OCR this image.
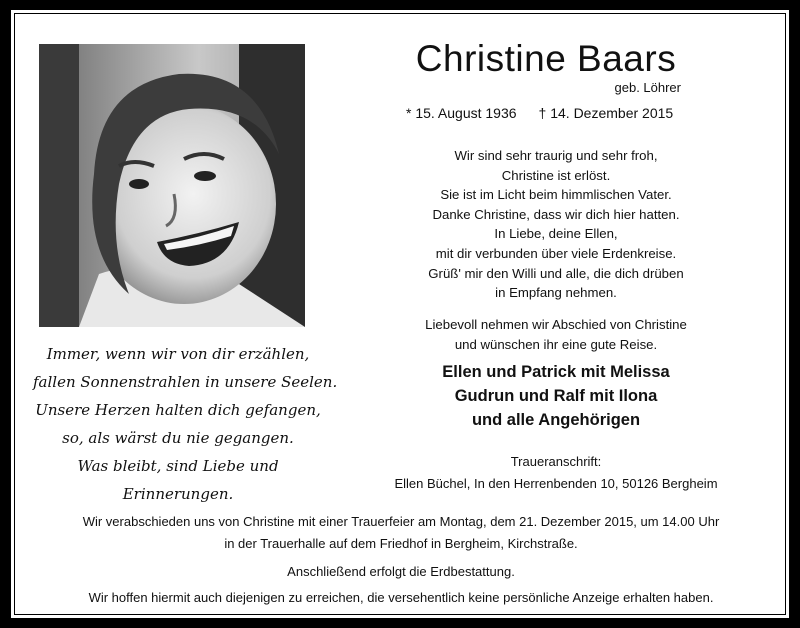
Immer, wenn wir von dir erzählen,
fallen Sonnenstrahlen in unsere Seelen.
Unsere Herzen halten dich gefangen,
so, als wärst du nie gegangen.
Was bleibt, sind Liebe und
Erinnerungen.
Christine Baars
geb. Löhrer
* 15. August 1936 † 14. Dezember 2015
Wir sind sehr traurig und sehr froh,
Christine ist erlöst.
Sie ist im Licht beim himmlischen Vater.
Danke Christine, dass wir dich hier hatten.
In Liebe, deine Ellen,
mit dir verbunden über viele Erdenkreise.
Grüß' mir den Willi und alle, die dich drüben
in Empfang nehmen.
Liebevoll nehmen wir Abschied von Christine
und wünschen ihr eine gute Reise.
Ellen und Patrick mit Melissa
Gudrun und Ralf mit Ilona
und alle Angehörigen
Traueranschrift:
Ellen Büchel, In den Herrenbenden 10, 50126 Bergheim
Wir verabschieden uns von Christine mit einer Trauerfeier am Montag, dem 21. Dezember 2015, um 14.00 Uhr
in der Trauerhalle auf dem Friedhof in Bergheim, Kirchstraße.
Anschließend erfolgt die Erdbestattung.
Wir hoffen hiermit auch diejenigen zu erreichen, die versehentlich keine persönliche Anzeige erhalten haben.
